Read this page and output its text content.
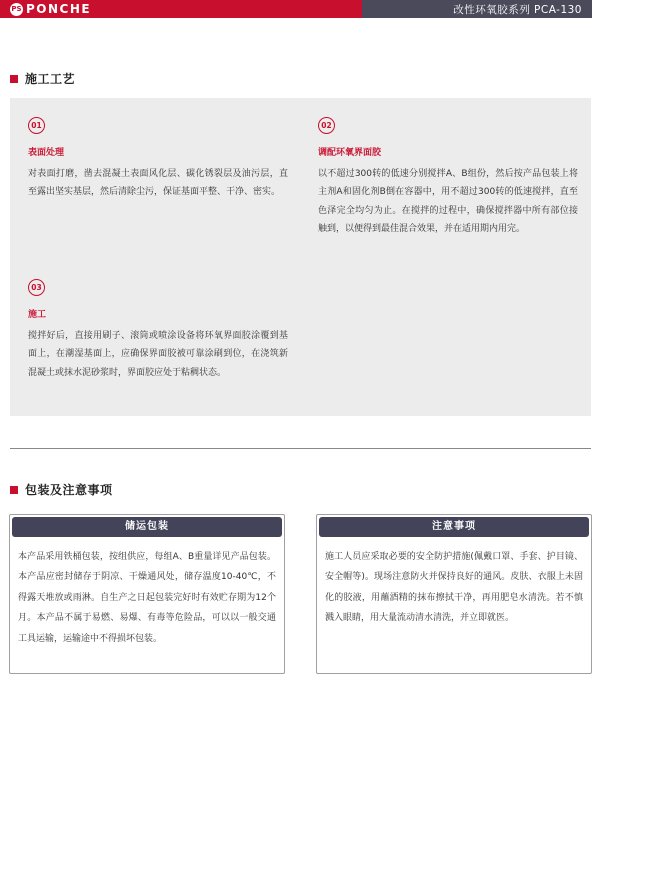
PS PONCHE	改性环氧胶系列 PCA-130
施工工艺
01
表面处理
对表面打磨，凿去混凝土表面风化层、碳化锈裂层及油污层，直至露出坚实基层，然后清除尘污，保证基面平整、干净、密实。
02
调配环氧界面胶
以不超过300转的低速分别搅拌A、B组份，然后按产品包装上将主剂A和固化剂B倒在容器中，用不超过300转的低速搅拌，直至色泽完全均匀为止。在搅拌的过程中，确保搅拌器中所有部位接触到，以便得到最佳混合效果，并在适用期内用完。
03
施工
搅拌好后，直接用刷子、滚筒或喷涂设备将环氧界面胶涂覆到基面上，在潮湿基面上，应确保界面胶被可靠涂刷到位，在浇筑新混凝土或抹水泥砂浆时，界面胶应处于粘稠状态。
包装及注意事项
储运包装
本产品采用铁桶包装，按组供应，每组A、B重量详见产品包装。本产品应密封储存于阴凉、干燥通风处，储存温度10-40℃，不得露天堆放或雨淋。自生产之日起包装完好时有效贮存期为12个月。本产品不属于易燃、易爆、有毒等危险品，可以以一般交通工具运输，运输途中不得损坏包装。
注意事项
施工人员应采取必要的安全防护措施(佩戴口罩、手套、护目镜、安全帽等)。现场注意防火并保持良好的通风。皮肤、衣服上未固化的胶液，用蘸酒精的抹布擦拭干净，再用肥皂水清洗。若不慎溅入眼睛，用大量流动清水清洗，并立即就医。
